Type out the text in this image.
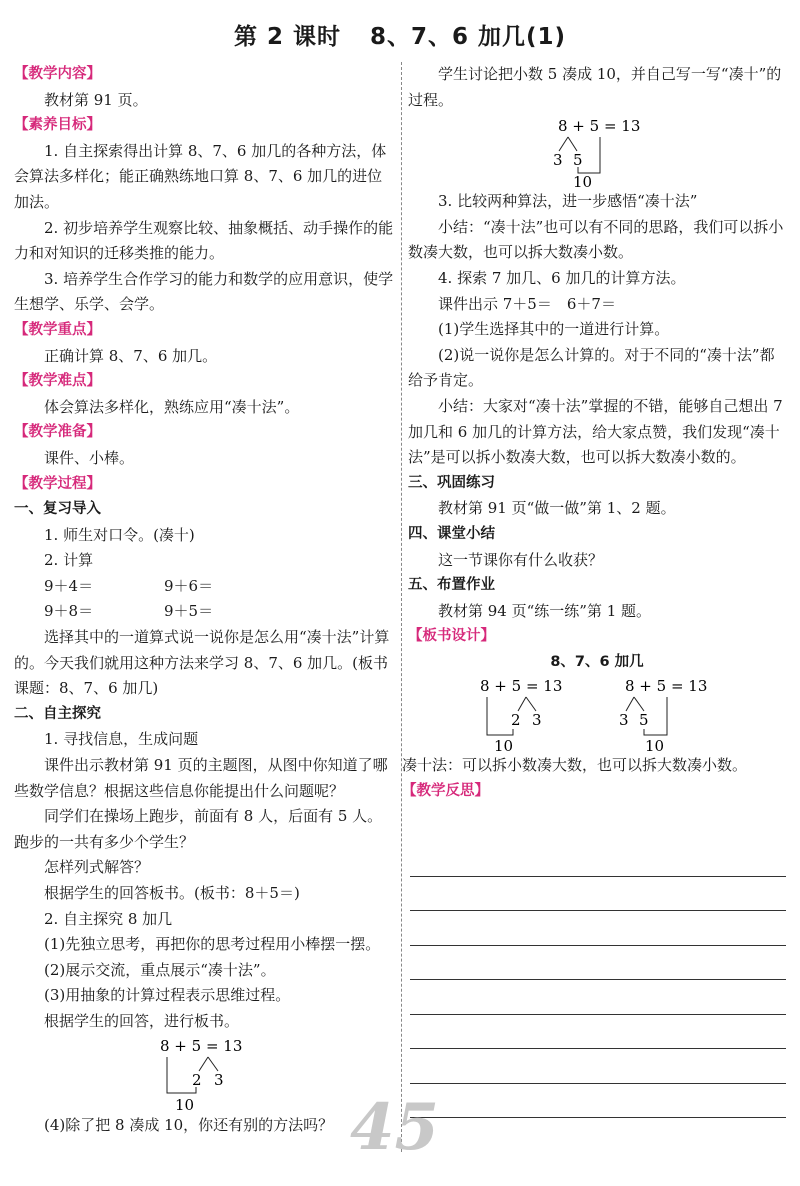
第 2 课时 8、7、6 加几(1)

【教学内容】

教材第 91 页。

【素养目标】

1. 自主探索得出计算 8、7、6 加几的各种方法，体会算法多样化；能正确熟练地口算 8、7、6 加几的进位加法。

2. 初步培养学生观察比较、抽象概括、动手操作的能力和对知识的迁移类推的能力。

3. 培养学生合作学习的能力和数学的应用意识，使学生想学、乐学、会学。

【教学重点】

正确计算 8、7、6 加几。

【教学难点】

体会算法多样化，熟练应用“凑十法”。

【教学准备】

课件、小棒。

【教学过程】

一、复习导入

1. 师生对口令。(凑十)

2. 计算

9＋4＝	9＋6＝
9＋8＝	9＋5＝

选择其中的一道算式说一说你是怎么用“凑十法”计算的。今天我们就用这种方法来学习 8、7、6 加几。(板书课题：8、7、6 加几)

二、自主探究

1. 寻找信息，生成问题

课件出示教材第 91 页的主题图，从图中你知道了哪些数学信息？根据这些信息你能提出什么问题呢？

同学们在操场上跑步，前面有 8 人，后面有 5 人。跑步的一共有多少个学生？

怎样列式解答？

根据学生的回答板书。(板书：8＋5＝)

2. 自主探究 8 加几

(1)先独立思考，再把你的思考过程用小棒摆一摆。

(2)展示交流，重点展示“凑十法”。

(3)用抽象的计算过程表示思维过程。

根据学生的回答，进行板书。

8 + 5 = 13
2 3
10

(4)除了把 8 凑成 10，你还有别的方法吗？

学生讨论把小数 5 凑成 10，并自己写一写“凑十”的过程。

8 + 5 = 13
3 5
10

3. 比较两种算法，进一步感悟“凑十法”

小结：“凑十法”也可以有不同的思路，我们可以拆小数凑大数，也可以拆大数凑小数。

4. 探索 7 加几、6 加几的计算方法。

课件出示 7＋5＝　6＋7＝

(1)学生选择其中的一道进行计算。

(2)说一说你是怎么计算的。对于不同的“凑十法”都给予肯定。

小结：大家对“凑十法”掌握的不错，能够自己想出 7 加几和 6 加几的计算方法，给大家点赞，我们发现“凑十法”是可以拆小数凑大数，也可以拆大数凑小数的。

三、巩固练习

教材第 91 页“做一做”第 1、2 题。

四、课堂小结

这一节课你有什么收获？

五、布置作业

教材第 94 页“练一练”第 1 题。

【板书设计】

8、7、6 加几

8 + 5 = 13
2 3
10
8 + 5 = 13
3 5
10

凑十法：可以拆小数凑大数，也可以拆大数凑小数。

【教学反思】

45
